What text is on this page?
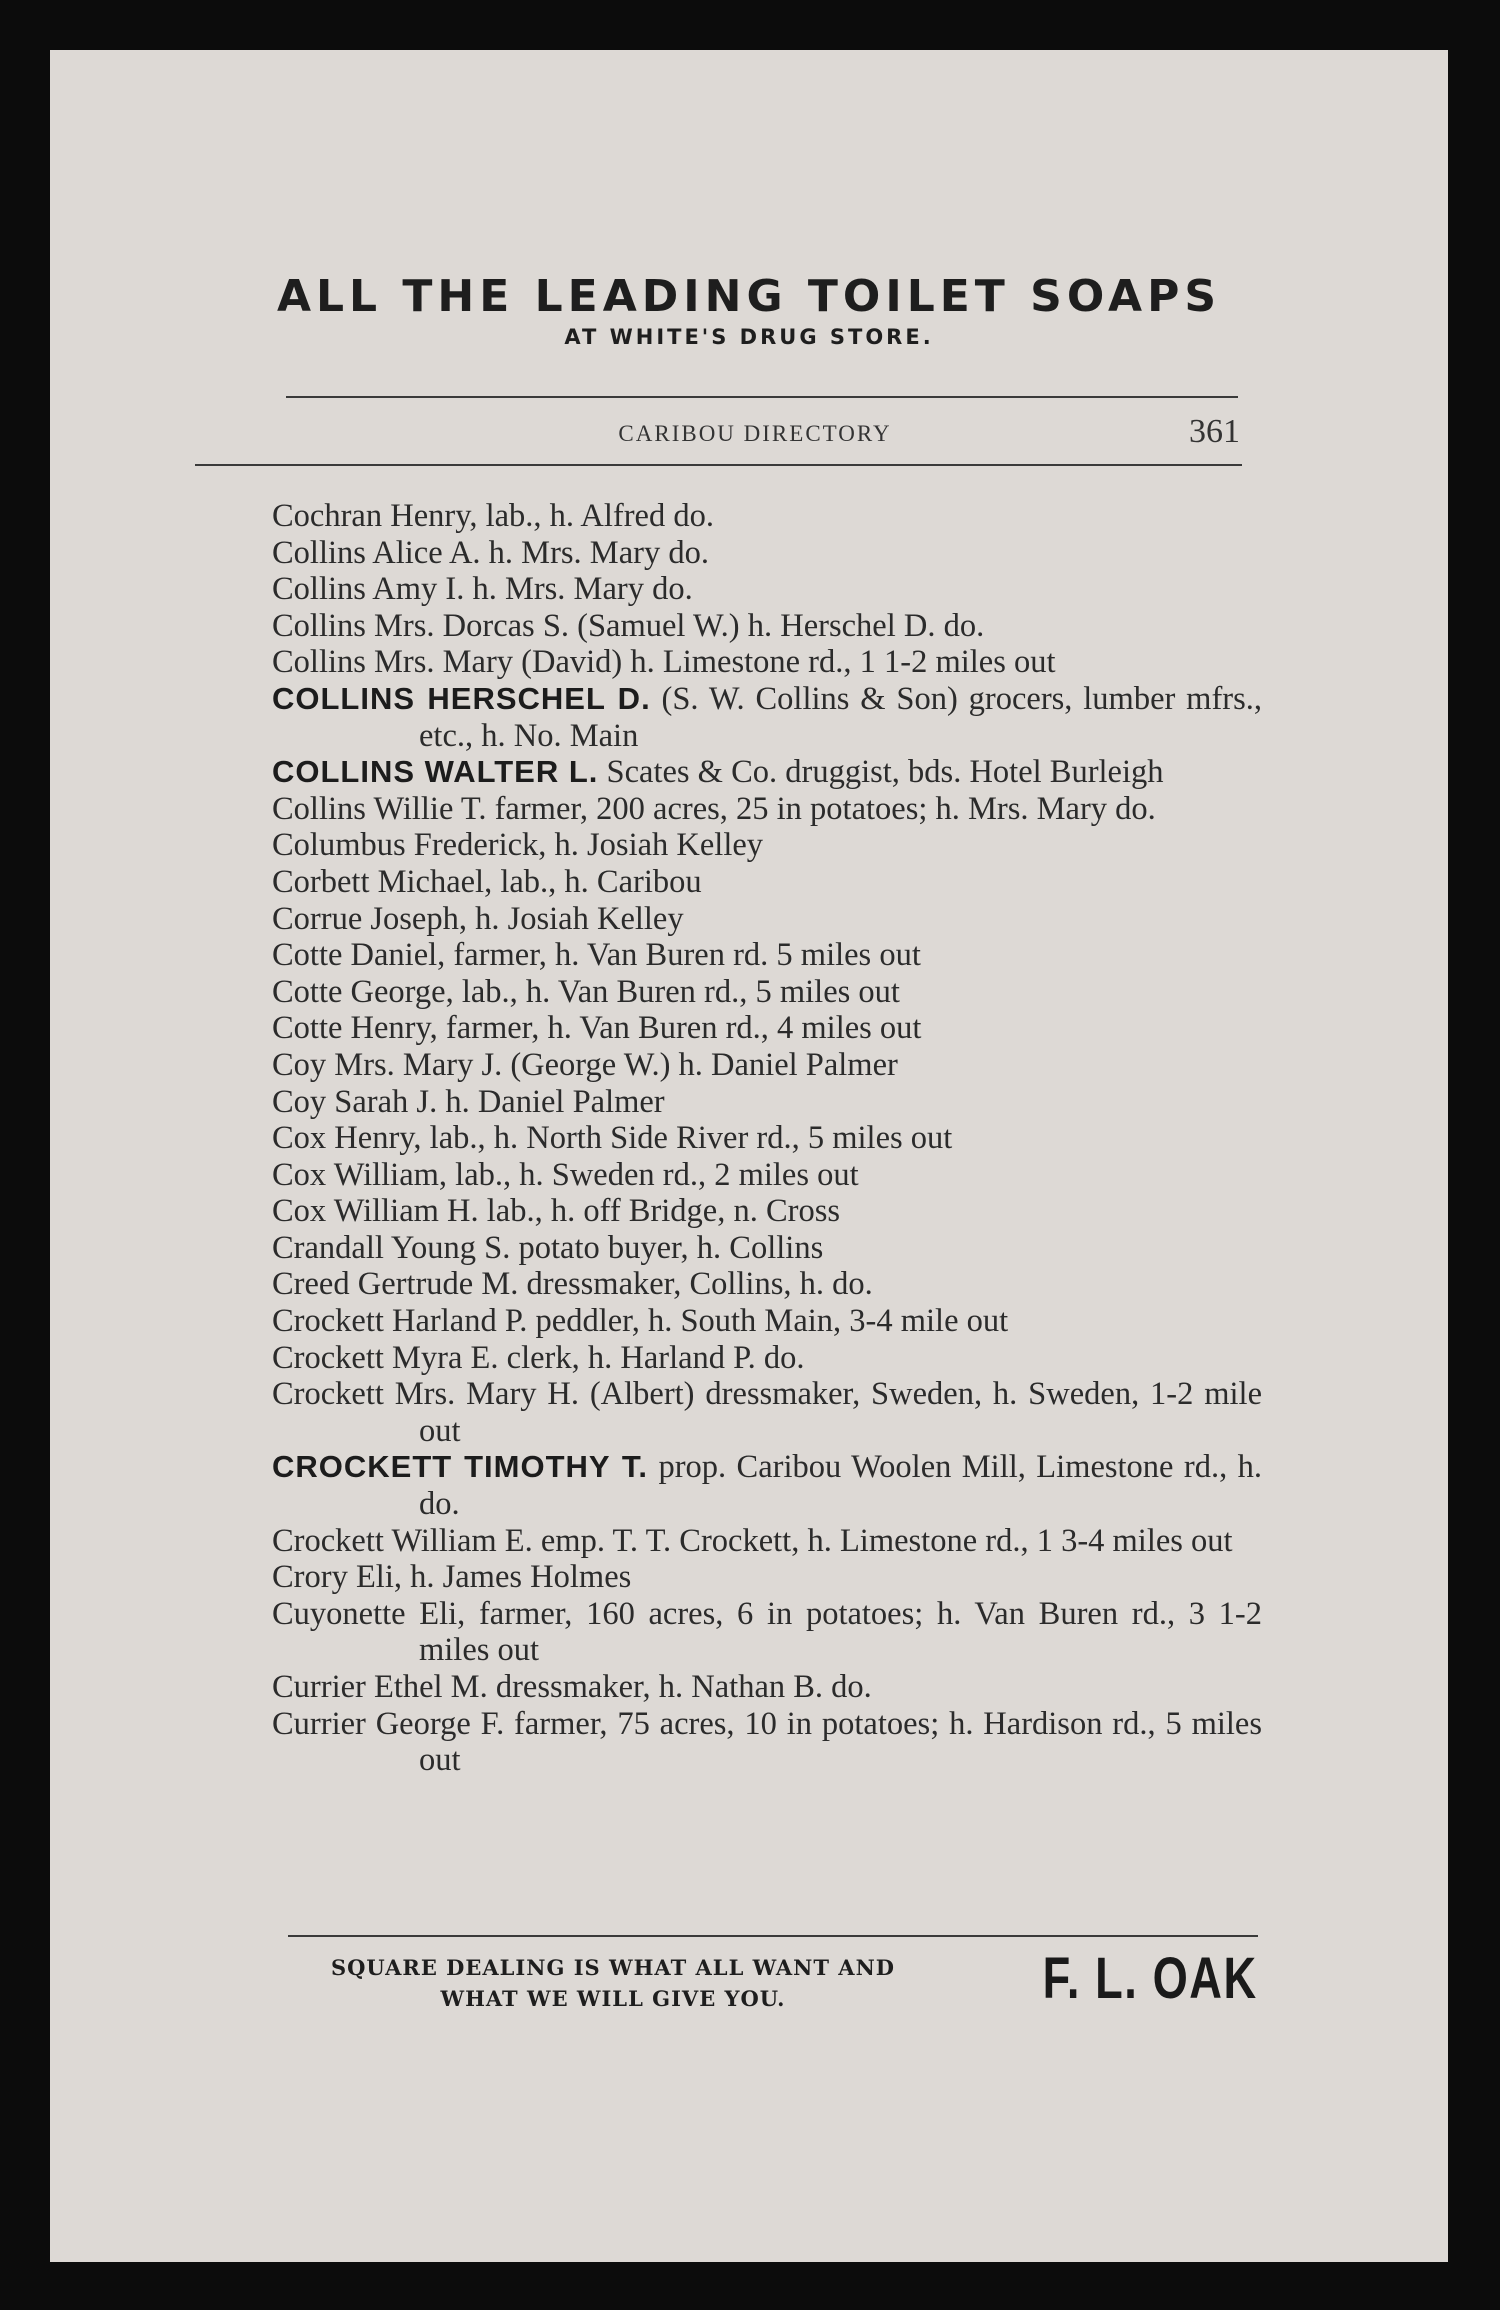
ALL THE LEADING TOILET SOAPS
AT WHITE'S DRUG STORE.
CARIBOU DIRECTORY	361
Cochran Henry, lab., h. Alfred do.
Collins Alice A. h. Mrs. Mary do.
Collins Amy I. h. Mrs. Mary do.
Collins Mrs. Dorcas S. (Samuel W.) h. Herschel D. do.
Collins Mrs. Mary (David) h. Limestone rd., 1 1-2 miles out
COLLINS HERSCHEL D. (S. W. Collins & Son) grocers, lumber mfrs., etc., h. No. Main
COLLINS WALTER L. Scates & Co. druggist, bds. Hotel Burleigh
Collins Willie T. farmer, 200 acres, 25 in potatoes; h. Mrs. Mary do.
Columbus Frederick, h. Josiah Kelley
Corbett Michael, lab., h. Caribou
Corrue Joseph, h. Josiah Kelley
Cotte Daniel, farmer, h. Van Buren rd. 5 miles out
Cotte George, lab., h. Van Buren rd., 5 miles out
Cotte Henry, farmer, h. Van Buren rd., 4 miles out
Coy Mrs. Mary J. (George W.) h. Daniel Palmer
Coy Sarah J. h. Daniel Palmer
Cox Henry, lab., h. North Side River rd., 5 miles out
Cox William, lab., h. Sweden rd., 2 miles out
Cox William H. lab., h. off Bridge, n. Cross
Crandall Young S. potato buyer, h. Collins
Creed Gertrude M. dressmaker, Collins, h. do.
Crockett Harland P. peddler, h. South Main, 3-4 mile out
Crockett Myra E. clerk, h. Harland P. do.
Crockett Mrs. Mary H. (Albert) dressmaker, Sweden, h. Sweden, 1-2 mile out
CROCKETT TIMOTHY T. prop. Caribou Woolen Mill, Limestone rd., h. do.
Crockett William E. emp. T. T. Crockett, h. Limestone rd., 1 3-4 miles out
Crory Eli, h. James Holmes
Cuyonette Eli, farmer, 160 acres, 6 in potatoes; h. Van Buren rd., 3 1-2 miles out
Currier Ethel M. dressmaker, h. Nathan B. do.
Currier George F. farmer, 75 acres, 10 in potatoes; h. Hardison rd., 5 miles out
SQUARE DEALING IS WHAT ALL WANT AND
WHAT WE WILL GIVE YOU.	F. L. OAK
